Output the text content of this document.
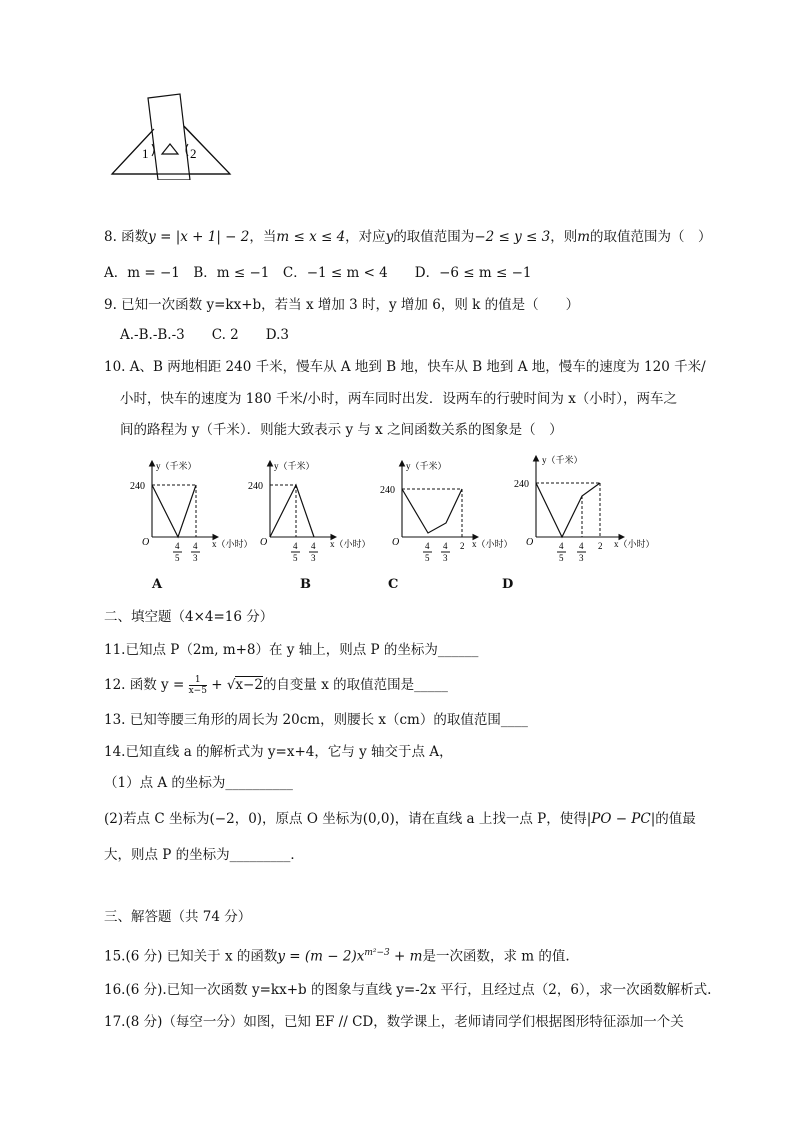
1	2
8. 函数y = |x + 1| − 2，当m ≤ x ≤ 4，对应y的取值范围为−2 ≤ y ≤ 3，则m的取值范围为（　）
A．m = −1　B．m ≤ −1　C．−1 ≤ m < 4　　D．−6 ≤ m ≤ −1
9. 已知一次函数 y=kx+b，若当 x 增加 3 时，y 增加 6，则 k 的值是（　　）
A.-B.-B.-3　　C. 2　　D.3
10. A、B 两地相距 240 千米，慢车从 A 地到 B 地，快车从 B 地到 A 地，慢车的速度为 120 千米/
小时，快车的速度为 180 千米/小时，两车同时出发．设两车的行驶时间为 x（小时），两车之
间的路程为 y（千米）．则能大致表示 y 与 x 之间函数关系的图象是（　）
y（千米）
240
O	x（小时）
4
5
4
3
A
y（千米）
240
O	x（小时）
4
5
4
3
B
y（千米）
240
O	x（小时）
4
5
4
3
2
C
y（千米）
240
O	x（小时）
4
5
4
3
2
D
二、填空题（4×4=16 分）
11.已知点 P（2m, m+8）在 y 轴上，则点 P 的坐标为______
12. 函数 $y = \frac{1}{x-5} + √x-2$的自变量 x 的取值范围是_____
13. 已知等腰三角形的周长为 20cm，则腰长 x（cm）的取值范围____
14.已知直线 a 的解析式为 y=x+4，它与 y 轴交于点 A，
（1）点 A 的坐标为__________
(2)若点 C 坐标为(−2，0)，原点 O 坐标为(0,0)，请在直线 a 上找一点 P，使得|PO − PC|的值最
大，则点 P 的坐标为_________．
三、解答题（共 74 分）
15.(6 分) 已知关于 x 的函数$y = (m - 2)x^{m^2-3} + m$是一次函数，求 m 的值.
16.(6 分).已知一次函数 y=kx+b 的图象与直线 y=-2x 平行，且经过点（2，6），求一次函数解析式.
17.(8 分)（每空一分）如图，已知 EF // CD，数学课上，老师请同学们根据图形特征添加一个关
